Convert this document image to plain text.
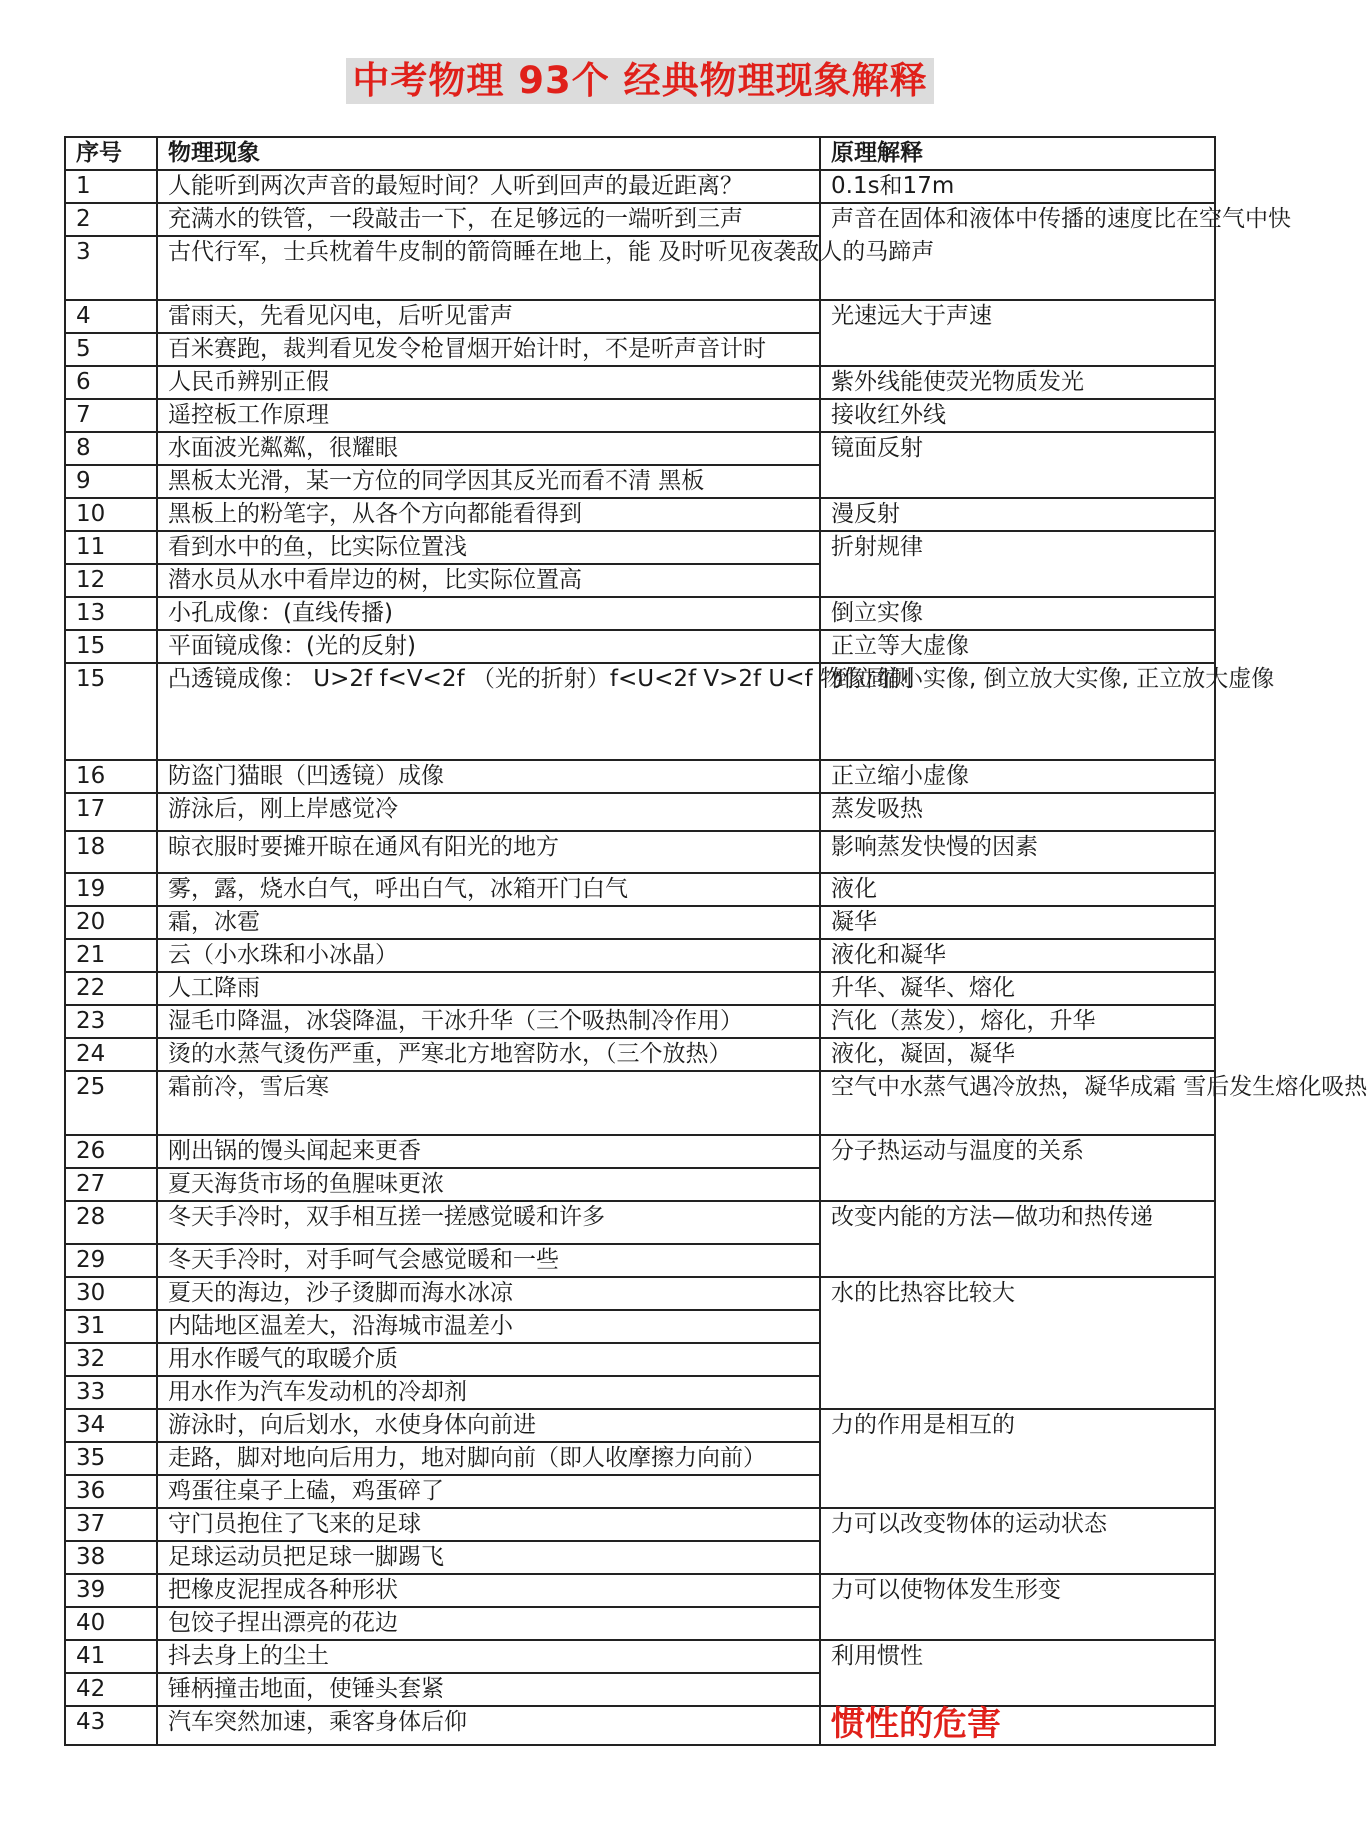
中考物理 93个 经典物理现象解释
序号	物理现象	原理解释
1	人能听到两次声音的最短时间？人听到回声的最近距离？	0.1s和17m
2	充满水的铁管，一段敲击一下，在足够远的一端听到三声	声音在固体和液体中传播的速度比在空气中快
3	古代行军，士兵枕着牛皮制的箭筒睡在地上，能 及时听见夜袭敌人的马蹄声	
4	雷雨天，先看见闪电，后听见雷声	光速远大于声速
5	百米赛跑，裁判看见发令枪冒烟开始计时，不是听声音计时	
6	人民币辨别正假	紫外线能使荧光物质发光
7	遥控板工作原理	接收红外线
8	水面波光粼粼，很耀眼	镜面反射
9	黑板太光滑，某一方位的同学因其反光而看不清 黑板	
10	黑板上的粉笔字，从各个方向都能看得到	漫反射
11	看到水中的鱼，比实际位置浅	折射规律
12	潜水员从水中看岸边的树，比实际位置高	
13	小孔成像：(直线传播)	倒立实像
15	平面镜成像：(光的反射)	正立等大虚像
15	凸透镜成像： U>2f f<V<2f （光的折射）f<U<2f V>2f U<f 物像同侧	倒立缩小实像, 倒立放大实像, 正立放大虚像
16	防盗门猫眼（凹透镜）成像	正立缩小虚像
17	游泳后，刚上岸感觉冷	蒸发吸热
18	晾衣服时要摊开晾在通风有阳光的地方	影响蒸发快慢的因素
19	雾，露，烧水白气，呼出白气，冰箱开门白气	液化
20	霜，冰雹	凝华
21	云（小水珠和小冰晶）	液化和凝华
22	人工降雨	升华、凝华、熔化
23	湿毛巾降温，冰袋降温，干冰升华（三个吸热制冷作用）	汽化（蒸发），熔化，升华
24	烫的水蒸气烫伤严重，严寒北方地窖防水，（三个放热）	液化，凝固，凝华
25	霜前冷，雪后寒	空气中水蒸气遇冷放热，凝华成霜 雪后发生熔化吸热
26	刚出锅的馒头闻起来更香	分子热运动与温度的关系
27	夏天海货市场的鱼腥味更浓	
28	冬天手冷时，双手相互搓一搓感觉暖和许多	改变内能的方法—做功和热传递
29	冬天手冷时，对手呵气会感觉暖和一些	
30	夏天的海边，沙子烫脚而海水冰凉	水的比热容比较大
31	内陆地区温差大，沿海城市温差小	
32	用水作暖气的取暖介质	
33	用水作为汽车发动机的冷却剂	
34	游泳时，向后划水，水使身体向前进	力的作用是相互的
35	走路，脚对地向后用力，地对脚向前（即人收摩擦力向前）	
36	鸡蛋往桌子上磕，鸡蛋碎了	
37	守门员抱住了飞来的足球	力可以改变物体的运动状态
38	足球运动员把足球一脚踢飞	
39	把橡皮泥捏成各种形状	力可以使物体发生形变
40	包饺子捏出漂亮的花边	
41	抖去身上的尘土	利用惯性
42	锤柄撞击地面，使锤头套紧	
43	汽车突然加速，乘客身体后仰	惯性的危害
